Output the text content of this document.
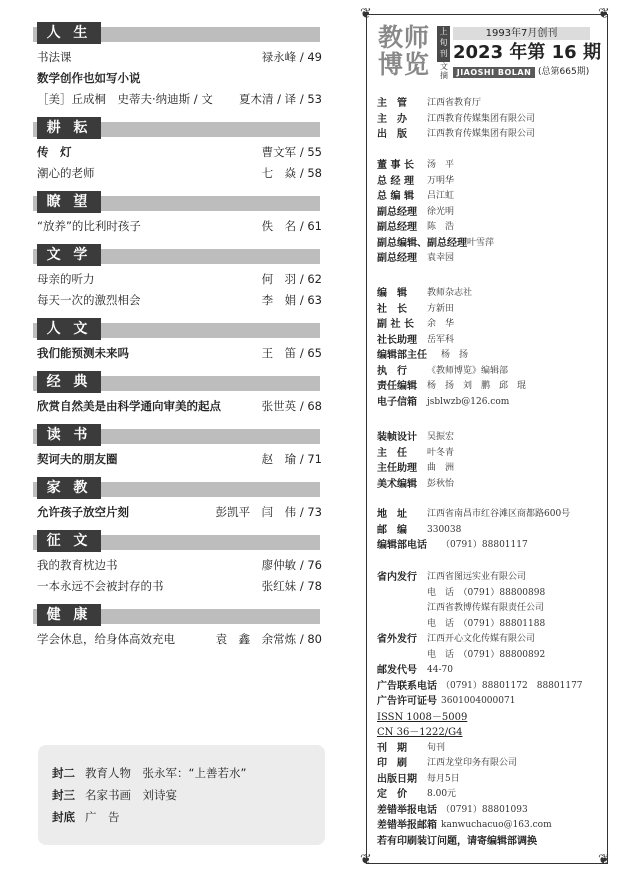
人 生
书法课	禄永峰 / 49
数学创作也如写小说
［美］丘成桐　史蒂夫·纳迪斯 / 文 夏木清 / 译 / 53
耕 耘
传　灯	曹文军 / 55
潮心的老师	七　焱 / 58
瞭 望
“放养”的比利时孩子	佚　名 / 61
文 学
母亲的听力	何　羽 / 62
每天一次的激烈相会	李　娟 / 63
人 文
我们能预测未来吗	王　笛 / 65
经 典
欣赏自然美是由科学通向审美的起点	张世英 / 68
读 书
契诃夫的朋友圈	赵　瑜 / 71
家 教
允许孩子放空片刻	彭凯平　闫　伟 / 73
征 文
我的教育枕边书	廖仲敏 / 76
一本永远不会被封存的书	张红妹 / 78
健 康
学会休息，给身体高效充电	袁　鑫　余常炼 / 80
封二 教育人物　张永军：“上善若水”
封三 名家书画　刘诗宴
封底 广　告
❦	❦
❦	❦
教师博览
上旬刊
文摘
1993年7月创刊
2023 年第 16 期
JIAOSHI BOLAN (总第665期)
主　管	江西省教育厅
主　办	江西教育传媒集团有限公司
出　版	江西教育传媒集团有限公司
董 事 长	汤　平
总 经 理	万明华
总 编 辑	吕江虹
副总经理	徐光明
副总经理	陈　浩
副总编辑、副总经理 叶雪萍
副总经理	袁幸园
编　辑	教师杂志社
社　长	方新田
副 社 长	余　华
社长助理	岳军科
编辑部主任	杨　扬
执　行	《教师博览》编辑部
责任编辑	杨　扬　刘　鹏　邱　琨
电子信箱	jsblwzb@126.com
装帧设计	吴振宏
主　任	叶冬青
主任助理	曲　洲
美术编辑	彭秋怡
地　址	江西省南昌市红谷滩区商都路600号
邮　编	330038
编辑部电话	（0791）88801117
省内发行	江西省图远实业有限公司
电　话　（0791）88800898
江西省教博传媒有限责任公司
电　话　（0791）88801188
省外发行	江西开心文化传媒有限公司
电　话　（0791）88800892
邮发代号	44-70
广告联系电话 （0791）88801172　88801177
广告许可证号 3601004000071
ISSN 1008－5009
CN 36－1222/G4
刊　期	旬刊
印　刷	江西龙堂印务有限公司
出版日期	每月5日
定　价	8.00元
差错举报电话 （0791）88801093
差错举报邮箱 kanwuchacuo@163.com
若有印刷装订问题，请寄编辑部调换
